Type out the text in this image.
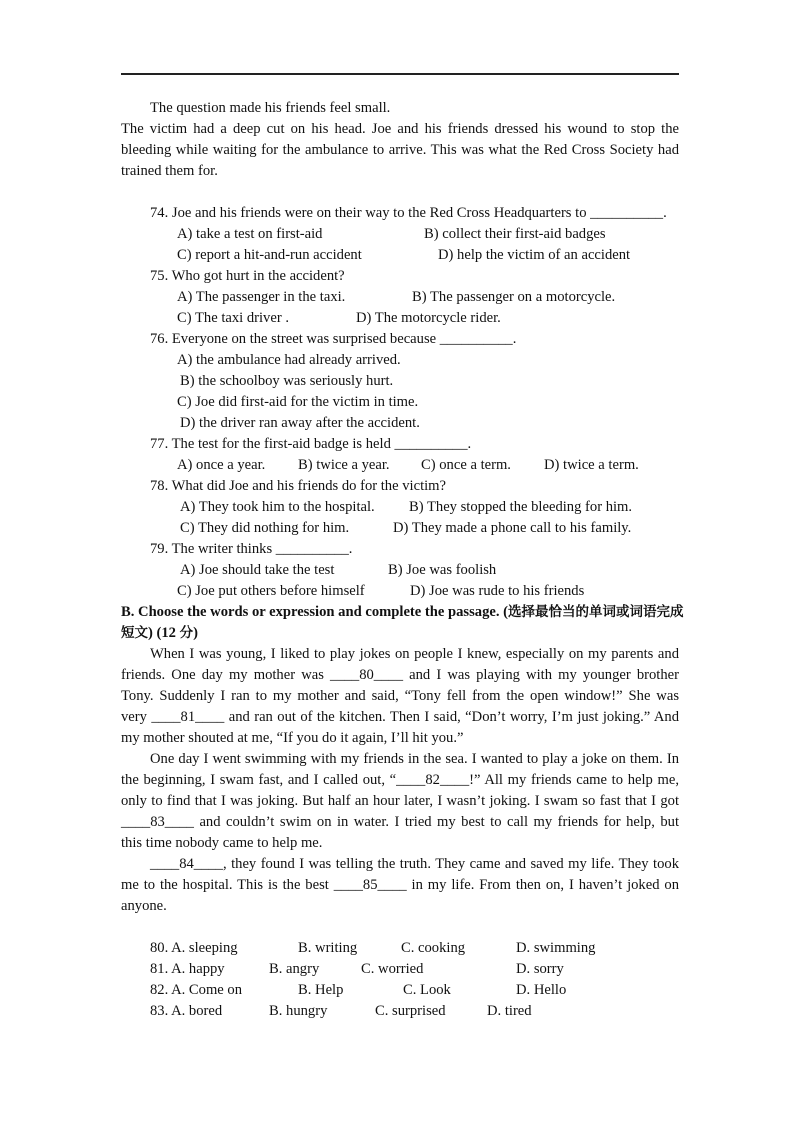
The question made his friends feel small.
The victim had a deep cut on his head. Joe and his friends dressed his wound to stop the
bleeding while waiting for the ambulance to arrive. This was what the Red Cross Society had
trained them for.
74. Joe and his friends were on their way to the Red Cross Headquarters to __________.
A) take a test on first-aid	B) collect their first-aid badges
C) report a hit-and-run accident	D) help the victim of an accident
75. Who got hurt in the accident?
A) The passenger in the taxi.	B) The passenger on a motorcycle.
C) The taxi driver .	D) The motorcycle rider.
76. Everyone on the street was surprised because __________.
A) the ambulance had already arrived.
B) the schoolboy was seriously hurt.
C) Joe did first-aid for the victim in time.
D) the driver ran away after the accident.
77. The test for the first-aid badge is held __________.
A) once a year. B) twice a year. C) once a term. D) twice a term.
78. What did Joe and his friends do for the victim?
A) They took him to the hospital. B) They stopped the bleeding for him.
C) They did nothing for him.	D) They made a phone call to his family.
79. The writer thinks __________.
A) Joe should take the test	B) Joe was foolish
C) Joe put others before himself	D) Joe was rude to his friends
B. Choose the words or expression and complete the passage. (选择最恰当的单词或词语完成
短文) (12 分)
When I was young, I liked to play jokes on people I knew, especially on my parents and
friends. One day my mother was ____80____ and I was playing with my younger brother
Tony. Suddenly I ran to my mother and said, “Tony fell from the open window!” She was
very ____81____ and ran out of the kitchen. Then I said, “Don’t worry, I’m just joking.” And
my mother shouted at me, “If you do it again, I’ll hit you.”
One day I went swimming with my friends in the sea. I wanted to play a joke on them. In
the beginning, I swam fast, and I called out, “____82____!” All my friends came to help me,
only to find that I was joking. But half an hour later, I wasn’t joking. I swam so fast that I got
____83____ and couldn’t swim on in water. I tried my best to call my friends for help, but
this time nobody came to help me.
____84____, they found I was telling the truth. They came and saved my life. They took
me to the hospital. This is the best ____85____ in my life. From then on, I haven’t joked on
anyone.
80. A. sleeping	B. writing	C. cooking	D. swimming
81. A. happy	B. angry	C. worried	D. sorry
82. A. Come on	B. Help	C. Look	D. Hello
83. A. bored	B. hungry	C. surprised	D. tired
